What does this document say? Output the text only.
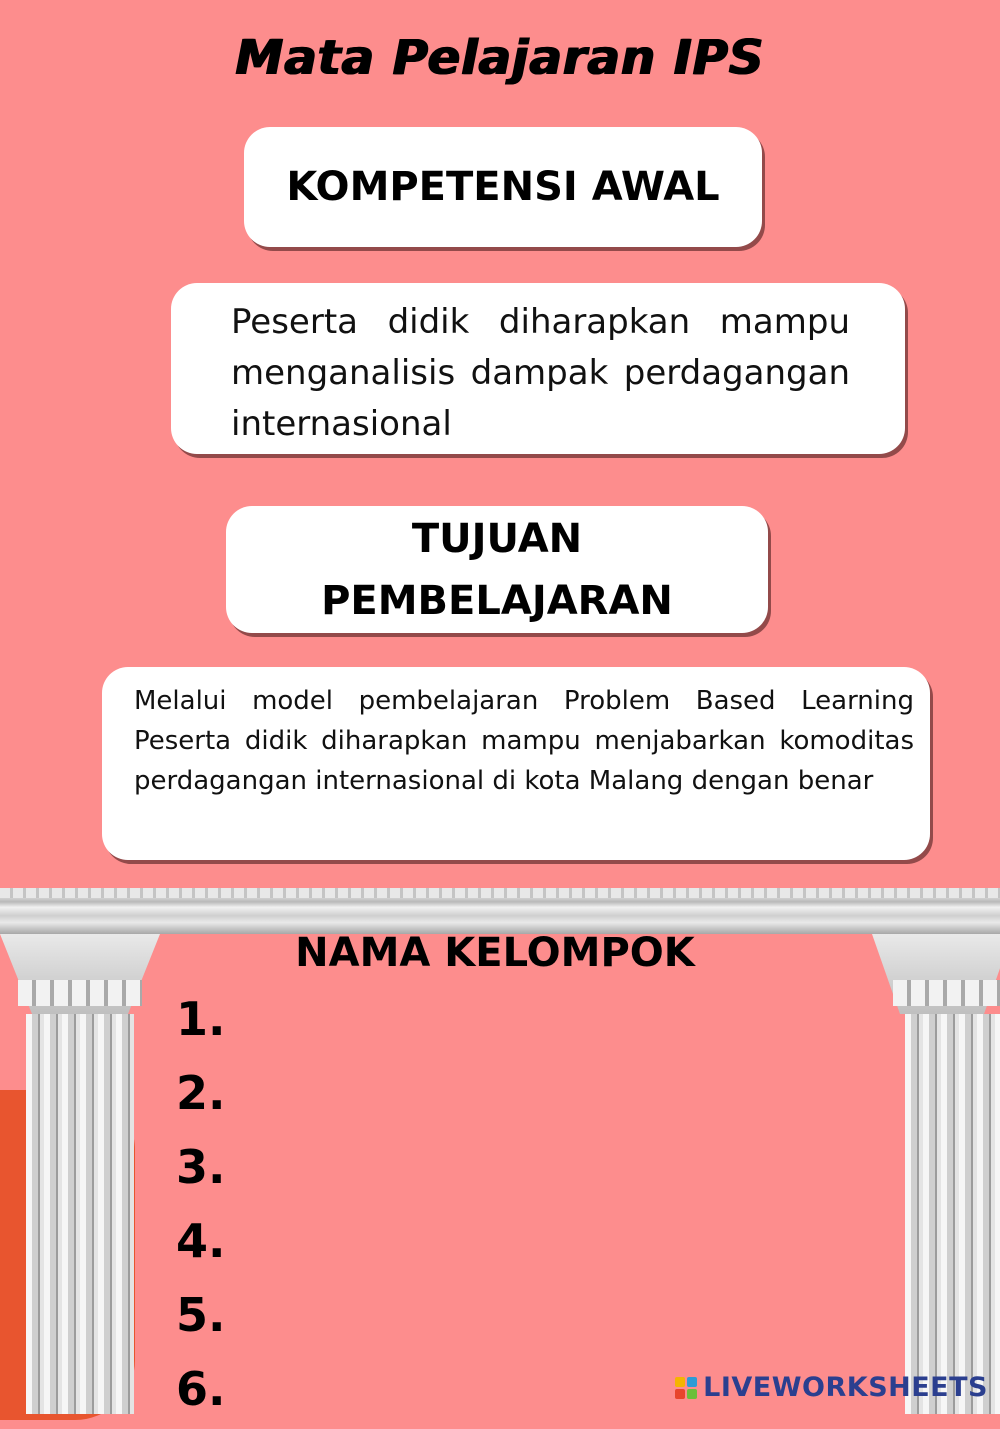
Mata Pelajaran IPS
KOMPETENSI AWAL

Peserta didik diharapkan mampu menganalisis dampak perdagangan internasional

TUJUAN
PEMBELAJARAN

Melalui model pembelajaran Problem Based Learning Peserta didik diharapkan mampu menjabarkan komoditas perdagangan internasional di kota Malang dengan benar

NAMA KELOMPOK
1.
2.
3.
4.
5.
6.	LIVEWORKSHEETS
